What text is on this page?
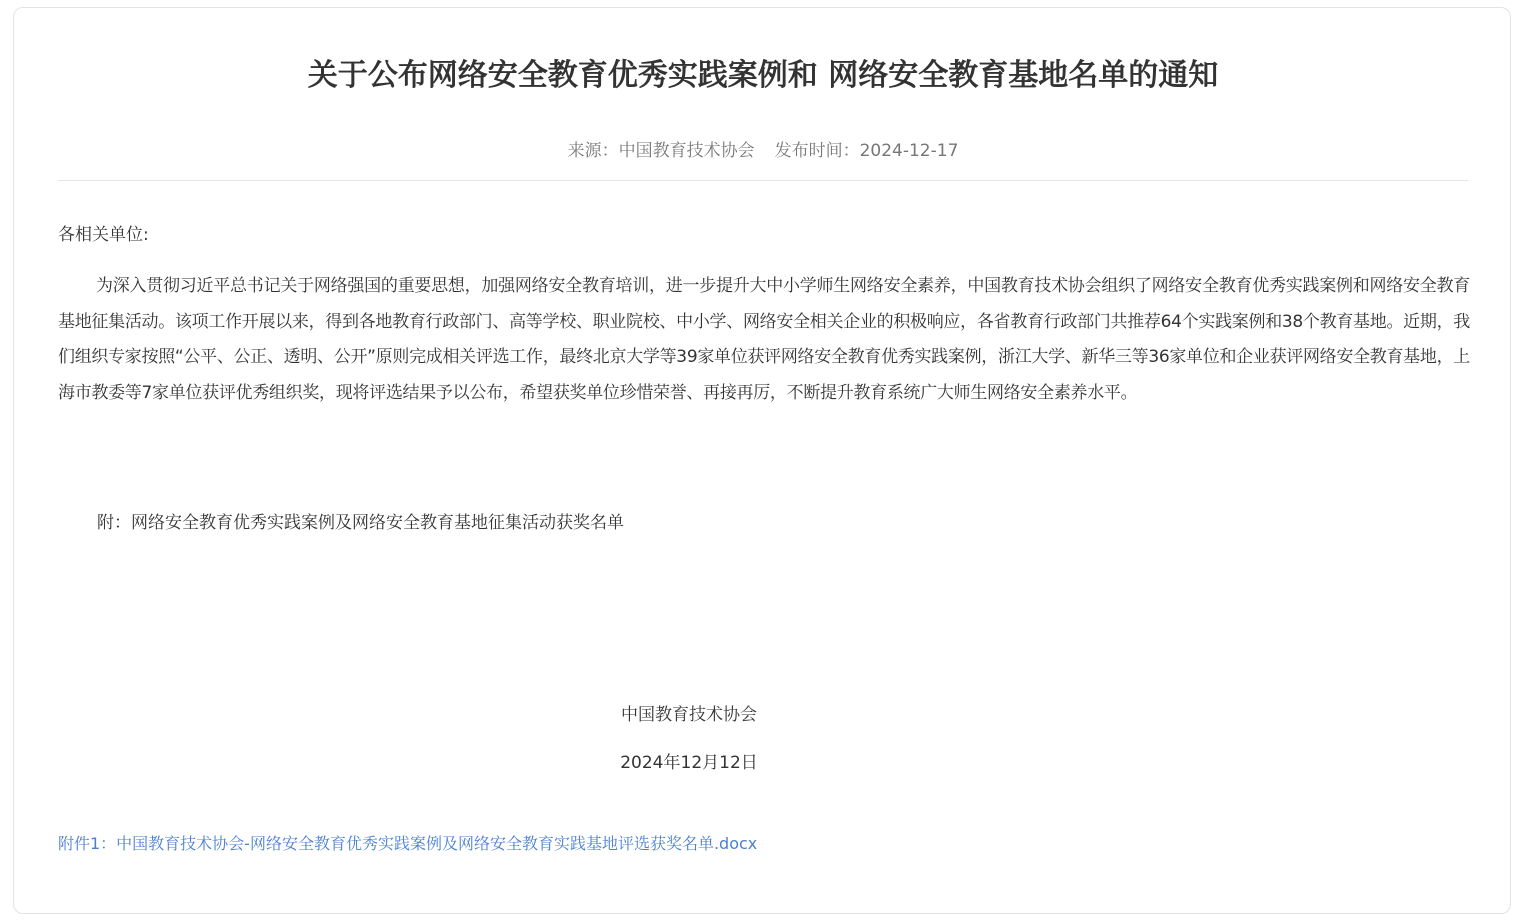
关于公布网络安全教育优秀实践案例和 网络安全教育基地名单的通知
来源：中国教育技术协会 发布时间：2024-12-17
各相关单位:

为深入贯彻习近平总书记关于网络强国的重要思想，加强网络安全教育培训，进一步提升大中小学师生网络安全素养，中国教育技术协会组织了网络安全教育优秀实践案例和网络安全教育基地征集活动。该项工作开展以来，得到各地教育行政部门、高等学校、职业院校、中小学、网络安全相关企业的积极响应，各省教育行政部门共推荐64个实践案例和38个教育基地。近期，我们组织专家按照“公平、公正、透明、公开”原则完成相关评选工作，最终北京大学等39家单位获评网络安全教育优秀实践案例，浙江大学、新华三等36家单位和企业获评网络安全教育基地，上海市教委等7家单位获评优秀组织奖，现将评选结果予以公布，希望获奖单位珍惜荣誉、再接再厉，不断提升教育系统广大师生网络安全素养水平。

附：网络安全教育优秀实践案例及网络安全教育基地征集活动获奖名单
中国教育技术协会
2024年12月12日
附件1：中国教育技术协会-网络安全教育优秀实践案例及网络安全教育实践基地评选获奖名单.docx
